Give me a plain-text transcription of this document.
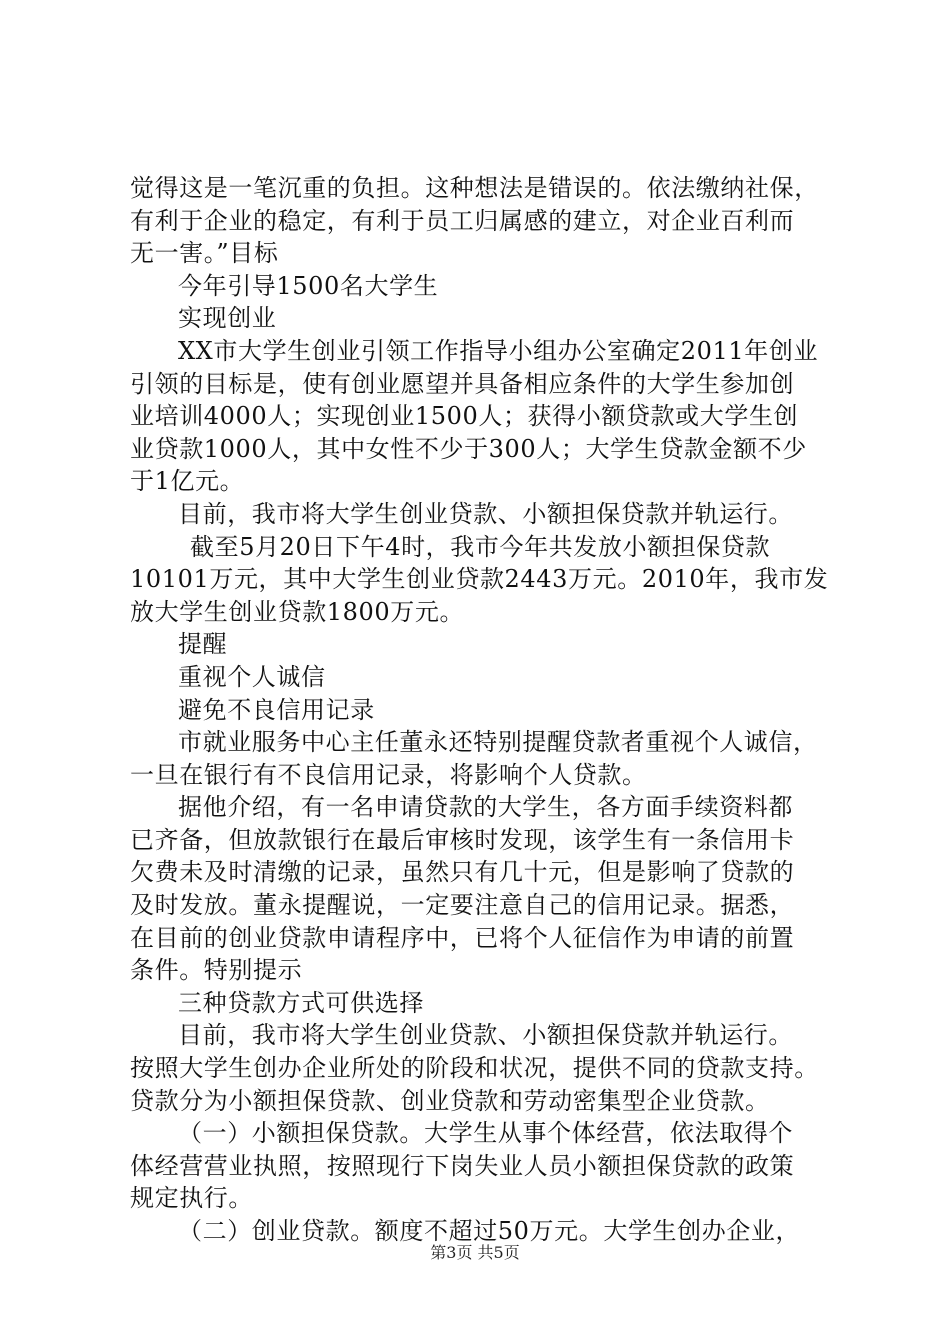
觉得这是一笔沉重的负担。这种想法是错误的。依法缴纳社保，
有利于企业的稳定，有利于员工归属感的建立，对企业百利而
无一害。”目标
今年引导1500名大学生
实现创业
XX市大学生创业引领工作指导小组办公室确定2011年创业
引领的目标是，使有创业愿望并具备相应条件的大学生参加创
业培训4000人；实现创业1500人；获得小额贷款或大学生创
业贷款1000人，其中女性不少于300人；大学生贷款金额不少
于1亿元。
目前，我市将大学生创业贷款、小额担保贷款并轨运行。
截至5月20日下午4时，我市今年共发放小额担保贷款
10101万元，其中大学生创业贷款2443万元。2010年，我市发
放大学生创业贷款1800万元。
提醒
重视个人诚信
避免不良信用记录
市就业服务中心主任董永还特别提醒贷款者重视个人诚信，
一旦在银行有不良信用记录，将影响个人贷款。
据他介绍，有一名申请贷款的大学生，各方面手续资料都
已齐备，但放款银行在最后审核时发现，该学生有一条信用卡
欠费未及时清缴的记录，虽然只有几十元，但是影响了贷款的
及时发放。董永提醒说，一定要注意自己的信用记录。据悉，
在目前的创业贷款申请程序中，已将个人征信作为申请的前置
条件。特别提示
三种贷款方式可供选择
目前，我市将大学生创业贷款、小额担保贷款并轨运行。
按照大学生创办企业所处的阶段和状况，提供不同的贷款支持。
贷款分为小额担保贷款、创业贷款和劳动密集型企业贷款。
（一）小额担保贷款。大学生从事个体经营，依法取得个
体经营营业执照，按照现行下岗失业人员小额担保贷款的政策
规定执行。
（二）创业贷款。额度不超过50万元。大学生创办企业，
第3页 共5页
